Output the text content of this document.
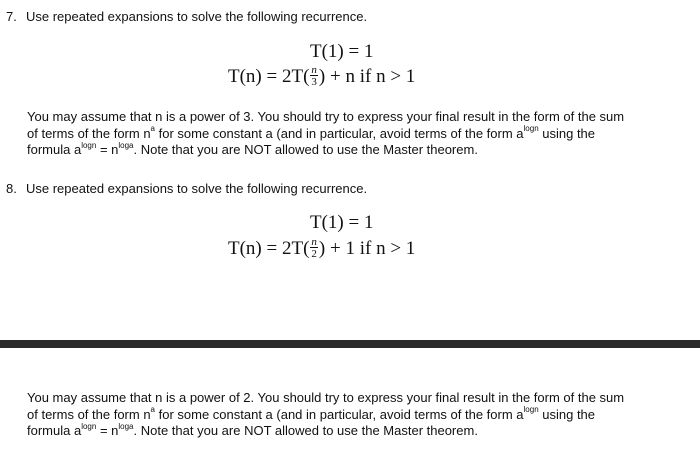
7. Use repeated expansions to solve the following recurrence.
T(1) = 1
$T(n) = 2T( \frac{n}{3}$ ) + n if n > 1
You may assume that n is a power of 3. You should try to express your final result in the form of the sum
of terms of the form $n^a$ for some constant a (and in particular, avoid terms of the form $a^{logn}$ using the
formula $a^{logn} = n^{loga}$. Note that you are NOT allowed to use the Master theorem.
8. Use repeated expansions to solve the following recurrence.
T(1) = 1
$T(n) = 2T( \frac{n}{2}$ ) + 1 if n > 1
You may assume that n is a power of 2. You should try to express your final result in the form of the sum
of terms of the form $n^a$ for some constant a (and in particular, avoid terms of the form $a^{logn}$ using the
formula $a^{logn} = n^{loga}$. Note that you are NOT allowed to use the Master theorem.
